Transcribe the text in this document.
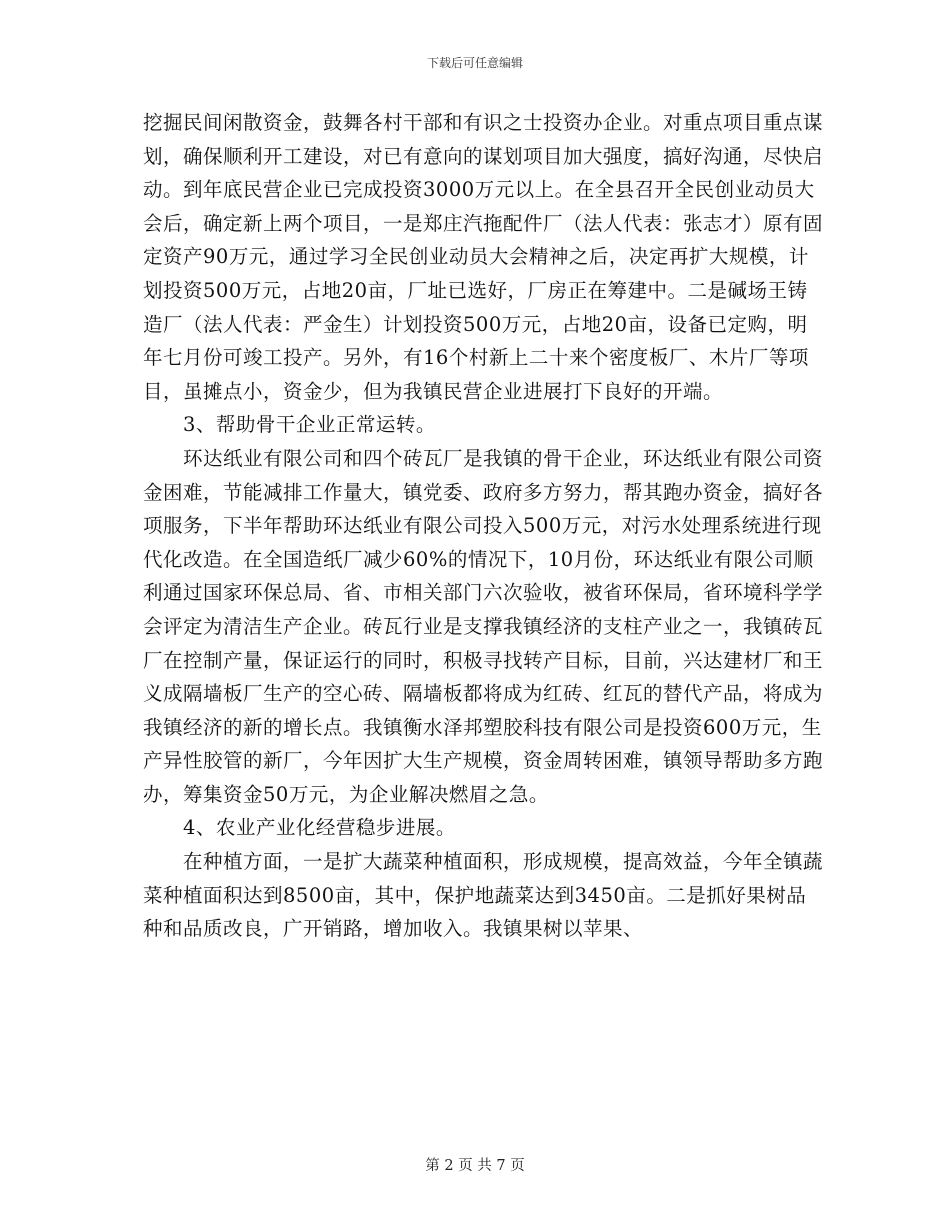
下载后可任意编辑

挖掘民间闲散资金，鼓舞各村干部和有识之士投资办企业。对重点项目重点谋划，确保顺利开工建设，对已有意向的谋划项目加大强度，搞好沟通，尽快启动。到年底民营企业已完成投资3000万元以上。在全县召开全民创业动员大会后，确定新上两个项目，一是郑庄汽拖配件厂（法人代表：张志才）原有固定资产90万元，通过学习全民创业动员大会精神之后，决定再扩大规模，计划投资500万元，占地20亩，厂址已选好，厂房正在筹建中。二是碱场王铸造厂（法人代表：严金生）计划投资500万元，占地20亩，设备已定购，明年七月份可竣工投产。另外，有16个村新上二十来个密度板厂、木片厂等项目，虽摊点小，资金少，但为我镇民营企业进展打下良好的开端。

3、帮助骨干企业正常运转。

环达纸业有限公司和四个砖瓦厂是我镇的骨干企业，环达纸业有限公司资金困难，节能减排工作量大，镇党委、政府多方努力，帮其跑办资金，搞好各项服务，下半年帮助环达纸业有限公司投入500万元，对污水处理系统进行现代化改造。在全国造纸厂减少60%的情况下，10月份，环达纸业有限公司顺利通过国家环保总局、省、市相关部门六次验收，被省环保局，省环境科学学会评定为清洁生产企业。砖瓦行业是支撑我镇经济的支柱产业之一，我镇砖瓦厂在控制产量，保证运行的同时，积极寻找转产目标，目前，兴达建材厂和王义成隔墙板厂生产的空心砖、隔墙板都将成为红砖、红瓦的替代产品，将成为我镇经济的新的增长点。我镇衡水泽邦塑胶科技有限公司是投资600万元，生产异性胶管的新厂，今年因扩大生产规模，资金周转困难，镇领导帮助多方跑办，筹集资金50万元，为企业解决燃眉之急。

4、农业产业化经营稳步进展。

在种植方面，一是扩大蔬菜种植面积，形成规模，提高效益，今年全镇蔬菜种植面积达到8500亩，其中，保护地蔬菜达到3450亩。二是抓好果树品种和品质改良，广开销路，增加收入。我镇果树以苹果、

第 2 页 共 7 页
